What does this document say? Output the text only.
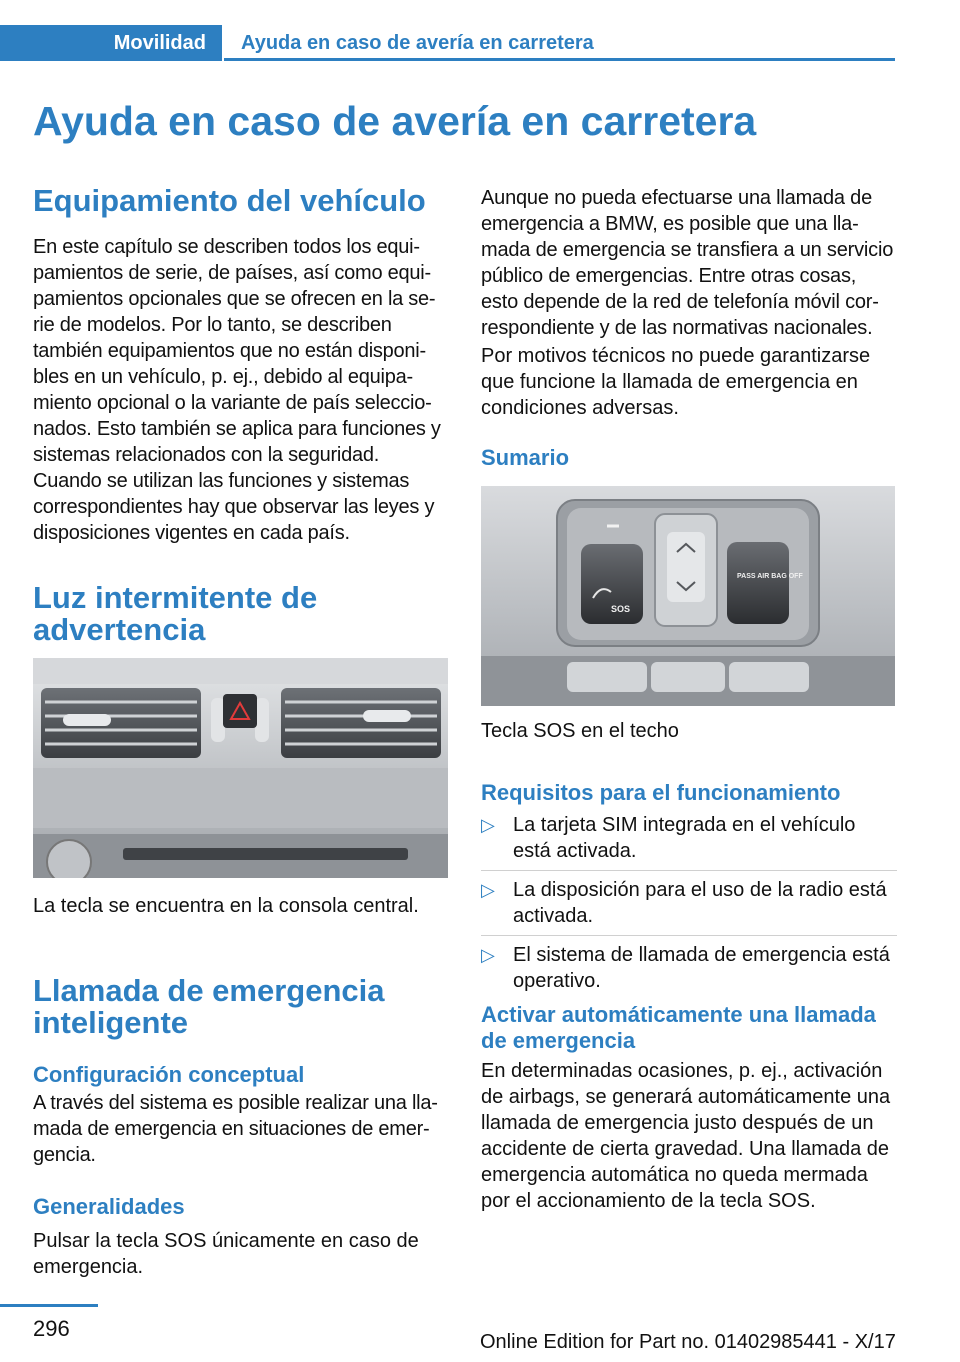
Movilidad Ayuda en caso de avería en carretera
Ayuda en caso de avería en carretera
Equipamiento del vehículo

En este capítulo se describen todos los equi-pamientos de serie, de países, así como equi-pamientos opcionales que se ofrecen en la se-rie de modelos. Por lo tanto, se describen también equipamientos que no están disponi-bles en un vehículo, p. ej., debido al equipa-miento opcional o la variante de país seleccio-nados. Esto también se aplica para funciones y sistemas relacionados con la seguridad. Cuando se utilizan las funciones y sistemas correspondientes hay que observar las leyes y disposiciones vigentes en cada país.

Luz intermitente de advertencia

La tecla se encuentra en la consola central.

Llamada de emergencia inteligente
Configuración conceptual

A través del sistema es posible realizar una lla-mada de emergencia en situaciones de emer-gencia.

Generalidades

Pulsar la tecla SOS únicamente en caso de emergencia.

Aunque no pueda efectuarse una llamada de emergencia a BMW, es posible que una lla-mada de emergencia se transfiera a un servicio público de emergencias. Entre otras cosas, esto depende de la red de telefonía móvil cor-respondiente y de las normativas nacionales.

Por motivos técnicos no puede garantizarse que funcione la llamada de emergencia en condiciones adversas.

Sumario
SOS
PASS AIR BAG OFF

Tecla SOS en el techo

Requisitos para el funcionamiento
▷ La tarjeta SIM integrada en el vehículo está activada.
▷ La disposición para el uso de la radio está activada.
▷ El sistema de llamada de emergencia está operativo.
Activar automáticamente una llamada de emergencia

En determinadas ocasiones, p. ej., activación de airbags, se generará automáticamente una llamada de emergencia justo después de un accidente de cierta gravedad. Una llamada de emergencia automática no queda mermada por el accionamiento de la tecla SOS.

296
Online Edition for Part no. 01402985441 - X/17
